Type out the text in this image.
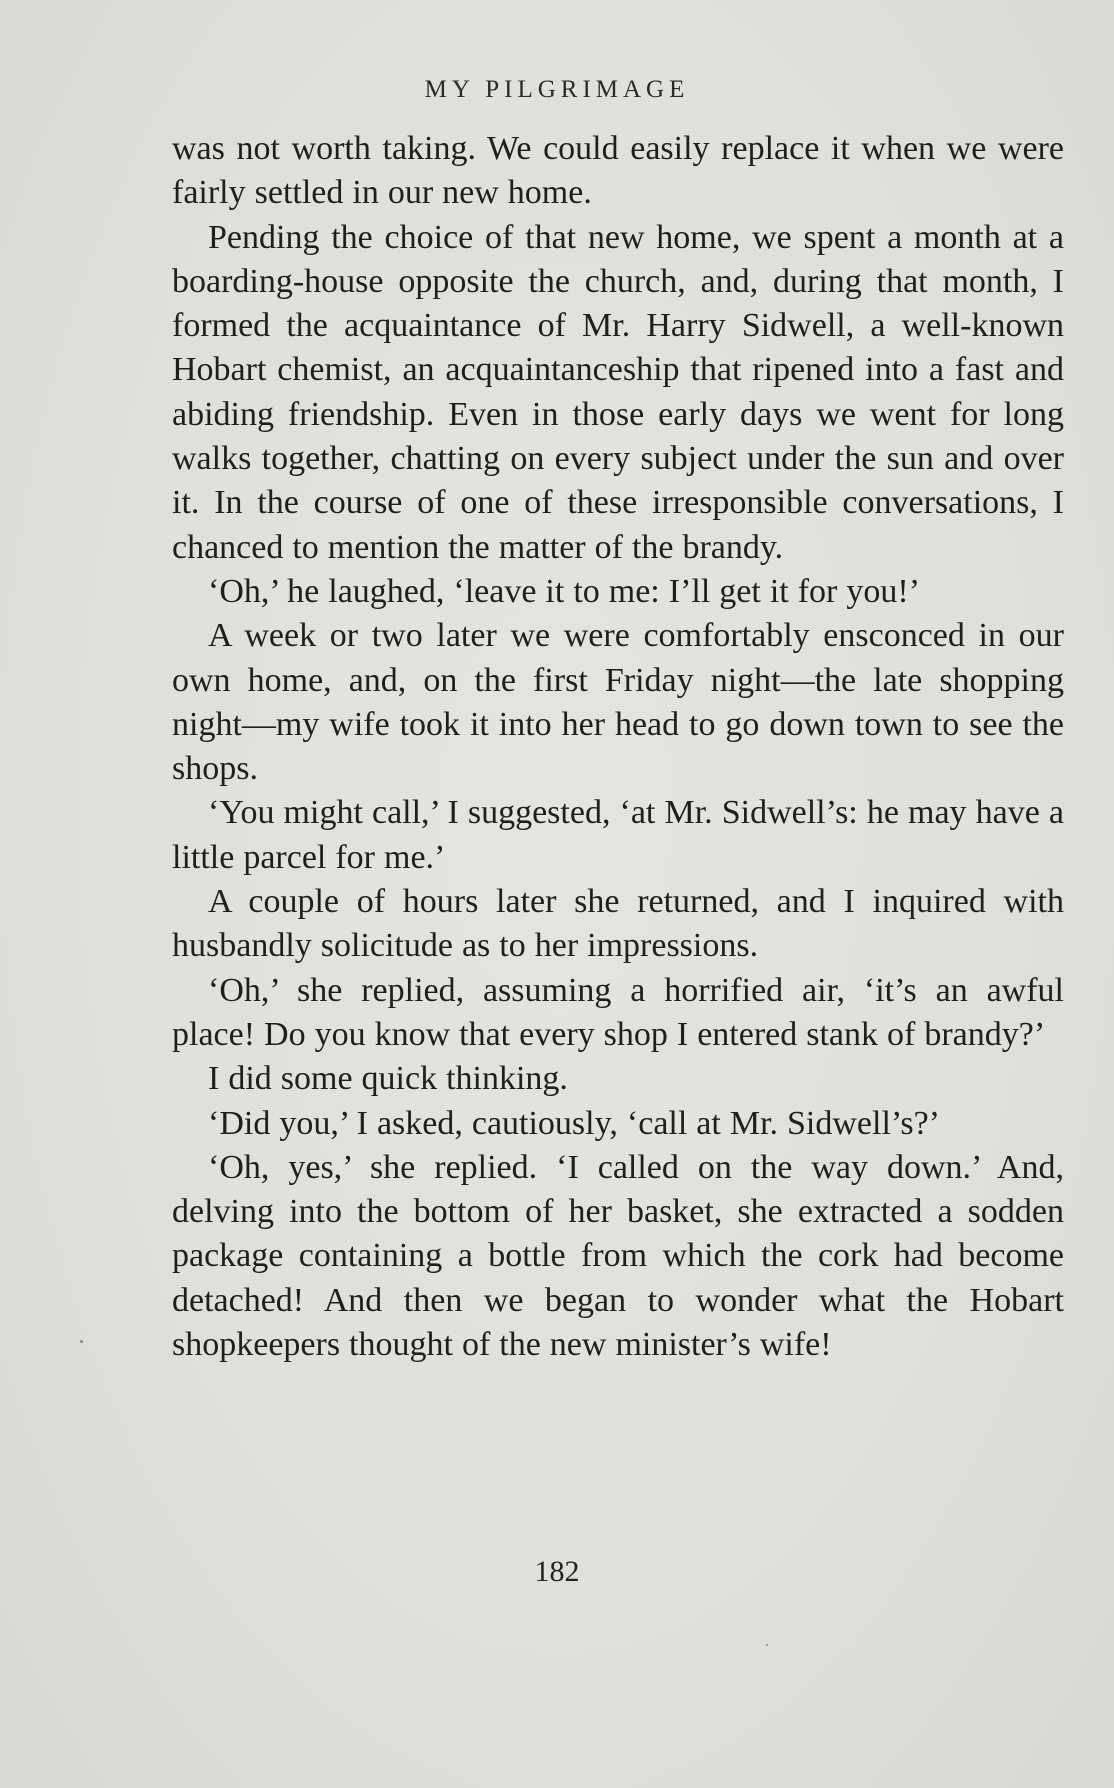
MY PILGRIMAGE

was not worth taking. We could easily replace it when we were fairly settled in our new home.

Pending the choice of that new home, we spent a month at a boarding-house opposite the church, and, during that month, I formed the acquaintance of Mr. Harry Sidwell, a well-known Hobart chemist, an acquaintanceship that ripened into a fast and abiding friendship. Even in those early days we went for long walks together, chatting on every subject under the sun and over it. In the course of one of these irresponsible conversations, I chanced to mention the matter of the brandy.

‘Oh,’ he laughed, ‘leave it to me: I’ll get it for you!’

A week or two later we were comfortably ensconced in our own home, and, on the first Friday night—the late shopping night—my wife took it into her head to go down town to see the shops.

‘You might call,’ I suggested, ‘at Mr. Sidwell’s: he may have a little parcel for me.’

A couple of hours later she returned, and I inquired with husbandly solicitude as to her impressions.

‘Oh,’ she replied, assuming a horrified air, ‘it’s an awful place! Do you know that every shop I entered stank of brandy?’

I did some quick thinking.

‘Did you,’ I asked, cautiously, ‘call at Mr. Sidwell’s?’

‘Oh, yes,’ she replied. ‘I called on the way down.’ And, delving into the bottom of her basket, she extracted a sodden package containing a bottle from which the cork had become detached! And then we began to wonder what the Hobart shopkeepers thought of the new minister’s wife!

182
